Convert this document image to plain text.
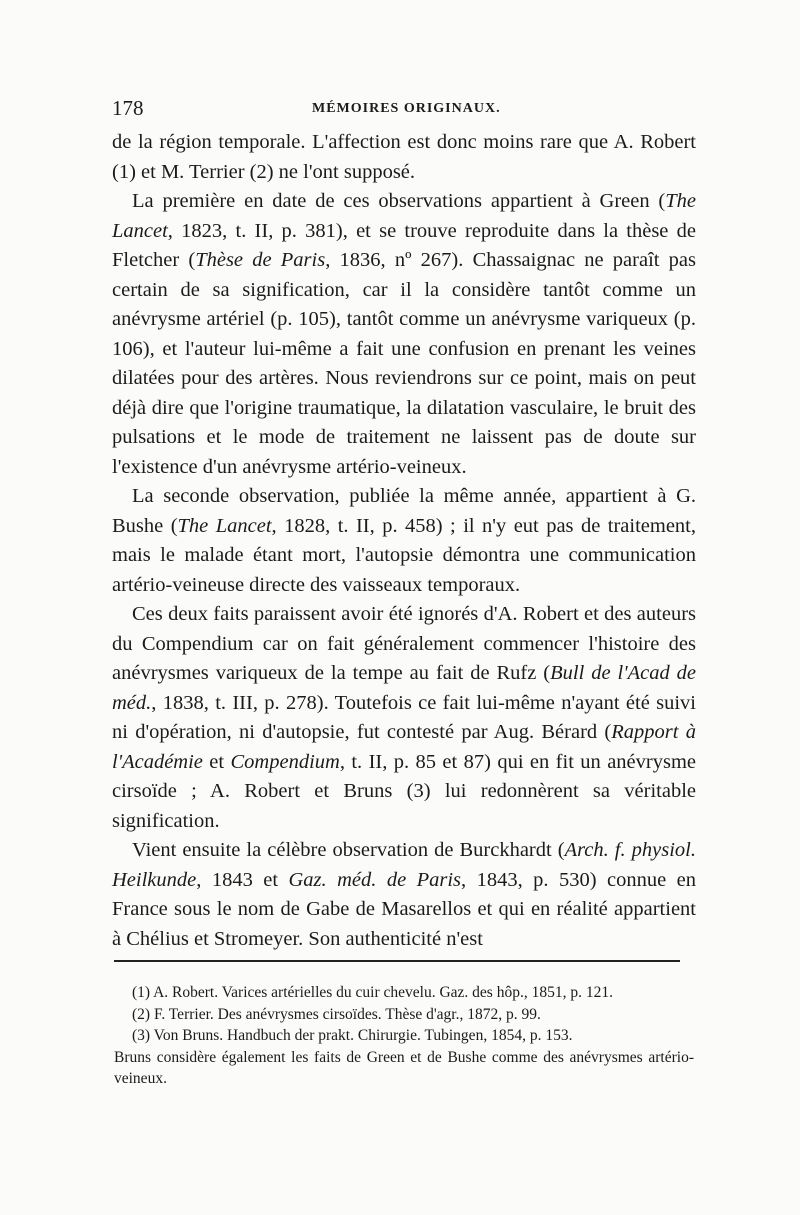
178	MÉMOIRES ORIGINAUX.

de la région temporale. L'affection est donc moins rare que A. Robert (1) et M. Terrier (2) ne l'ont supposé.

La première en date de ces observations appartient à Green (The Lancet, 1823, t. II, p. 381), et se trouve reproduite dans la thèse de Fletcher (Thèse de Paris, 1836, nº 267). Chassaignac ne paraît pas certain de sa signification, car il la considère tantôt comme un anévrysme artériel (p. 105), tantôt comme un anévrysme variqueux (p. 106), et l'auteur lui-même a fait une confusion en prenant les veines dilatées pour des artères. Nous reviendrons sur ce point, mais on peut déjà dire que l'origine traumatique, la dilatation vasculaire, le bruit des pulsations et le mode de traitement ne laissent pas de doute sur l'existence d'un anévrysme artério-veineux.

La seconde observation, publiée la même année, appartient à G. Bushe (The Lancet, 1828, t. II, p. 458) ; il n'y eut pas de traitement, mais le malade étant mort, l'autopsie démontra une communication artério-veineuse directe des vaisseaux temporaux.

Ces deux faits paraissent avoir été ignorés d'A. Robert et des auteurs du Compendium car on fait généralement commencer l'histoire des anévrysmes variqueux de la tempe au fait de Rufz (Bull de l'Acad de méd., 1838, t. III, p. 278). Toutefois ce fait lui-même n'ayant été suivi ni d'opération, ni d'autopsie, fut contesté par Aug. Bérard (Rapport à l'Académie et Compendium, t. II, p. 85 et 87) qui en fit un anévrysme cirsoïde ; A. Robert et Bruns (3) lui redonnèrent sa véritable signification.

Vient ensuite la célèbre observation de Burckhardt (Arch. f. physiol. Heilkunde, 1843 et Gaz. méd. de Paris, 1843, p. 530) connue en France sous le nom de Gabe de Masarellos et qui en réalité appartient à Chélius et Stromeyer. Son authenticité n'est

(1) A. Robert. Varices artérielles du cuir chevelu. Gaz. des hôp., 1851, p. 121.

(2) F. Terrier. Des anévrysmes cirsoïdes. Thèse d'agr., 1872, p. 99.

(3) Von Bruns. Handbuch der prakt. Chirurgie. Tubingen, 1854, p. 153.

Bruns considère également les faits de Green et de Bushe comme des anévrysmes artério-veineux.
